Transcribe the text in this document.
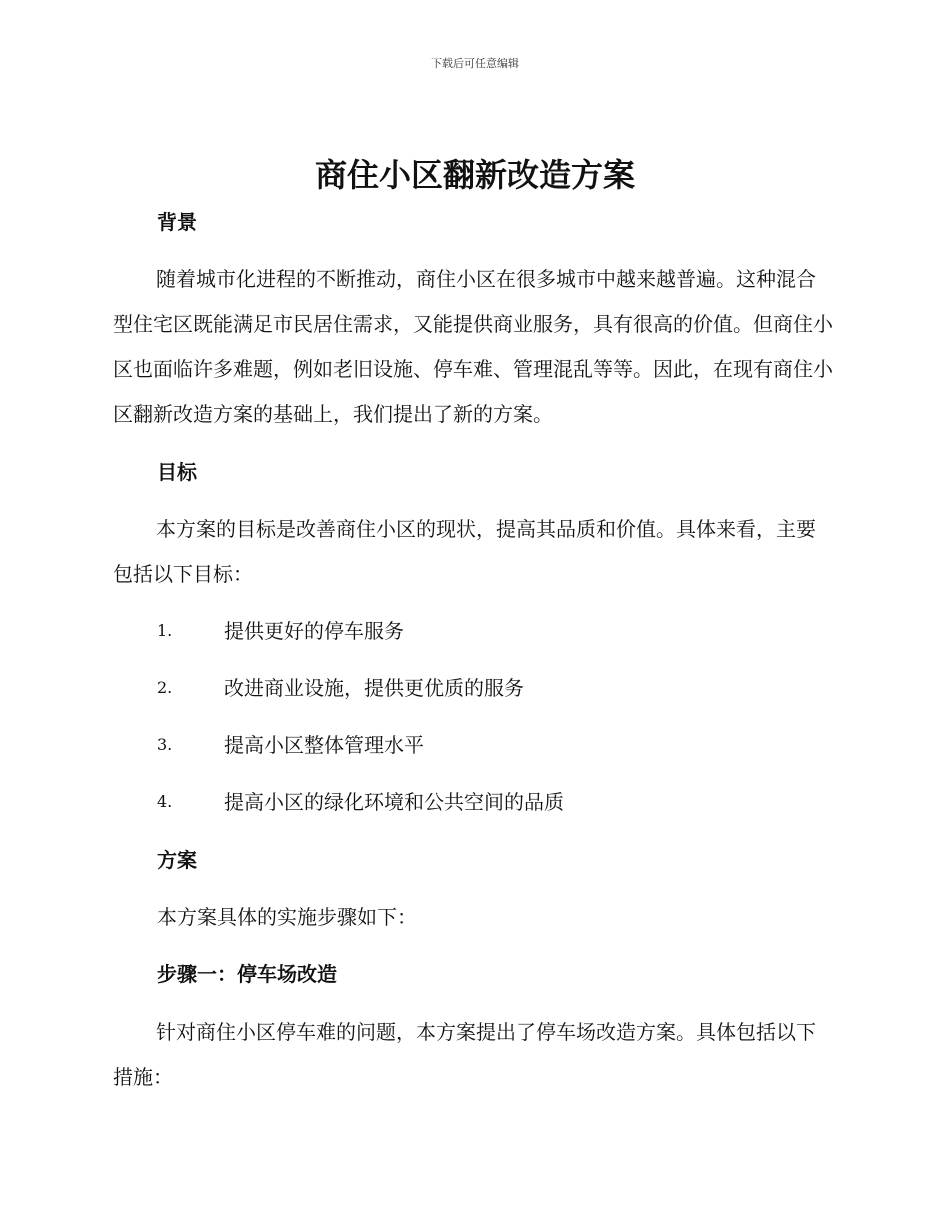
下载后可任意编辑
商住小区翻新改造方案
背景
随着城市化进程的不断推动，商住小区在很多城市中越来越普遍。这种混合型住宅区既能满足市民居住需求，又能提供商业服务，具有很高的价值。但商住小区也面临许多难题，例如老旧设施、停车难、管理混乱等等。因此，在现有商住小区翻新改造方案的基础上，我们提出了新的方案。
目标
本方案的目标是改善商住小区的现状，提高其品质和价值。具体来看，主要包括以下目标：
1.	提供更好的停车服务
2.	改进商业设施，提供更优质的服务
3.	提高小区整体管理水平
4.	提高小区的绿化环境和公共空间的品质
方案
本方案具体的实施步骤如下：
步骤一：停车场改造
针对商住小区停车难的问题，本方案提出了停车场改造方案。具体包括以下措施：
